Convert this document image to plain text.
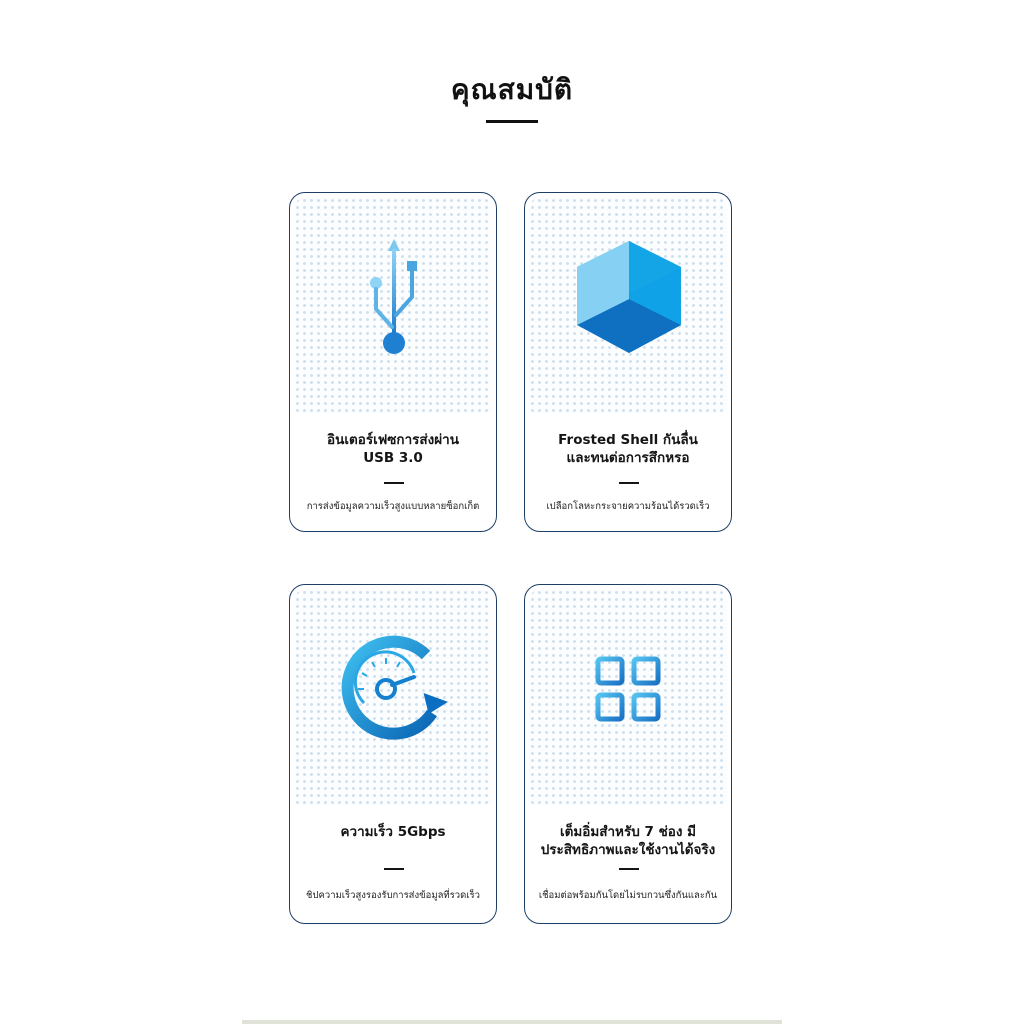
คุณสมบัติ
อินเตอร์เฟซการส่งผ่าน
USB 3.0
การส่งข้อมูลความเร็วสูงแบบหลายซ็อกเก็ต
Frosted Shell กันลื่น
และทนต่อการสึกหรอ
เปลือกโลหะกระจายความร้อนได้รวดเร็ว
ความเร็ว 5Gbps
ชิปความเร็วสูงรองรับการส่งข้อมูลที่รวดเร็ว
เต็มอิ่มสำหรับ 7 ช่อง มี
ประสิทธิภาพและใช้งานได้จริง
เชื่อมต่อพร้อมกันโดยไม่รบกวนซึ่งกันและกัน
